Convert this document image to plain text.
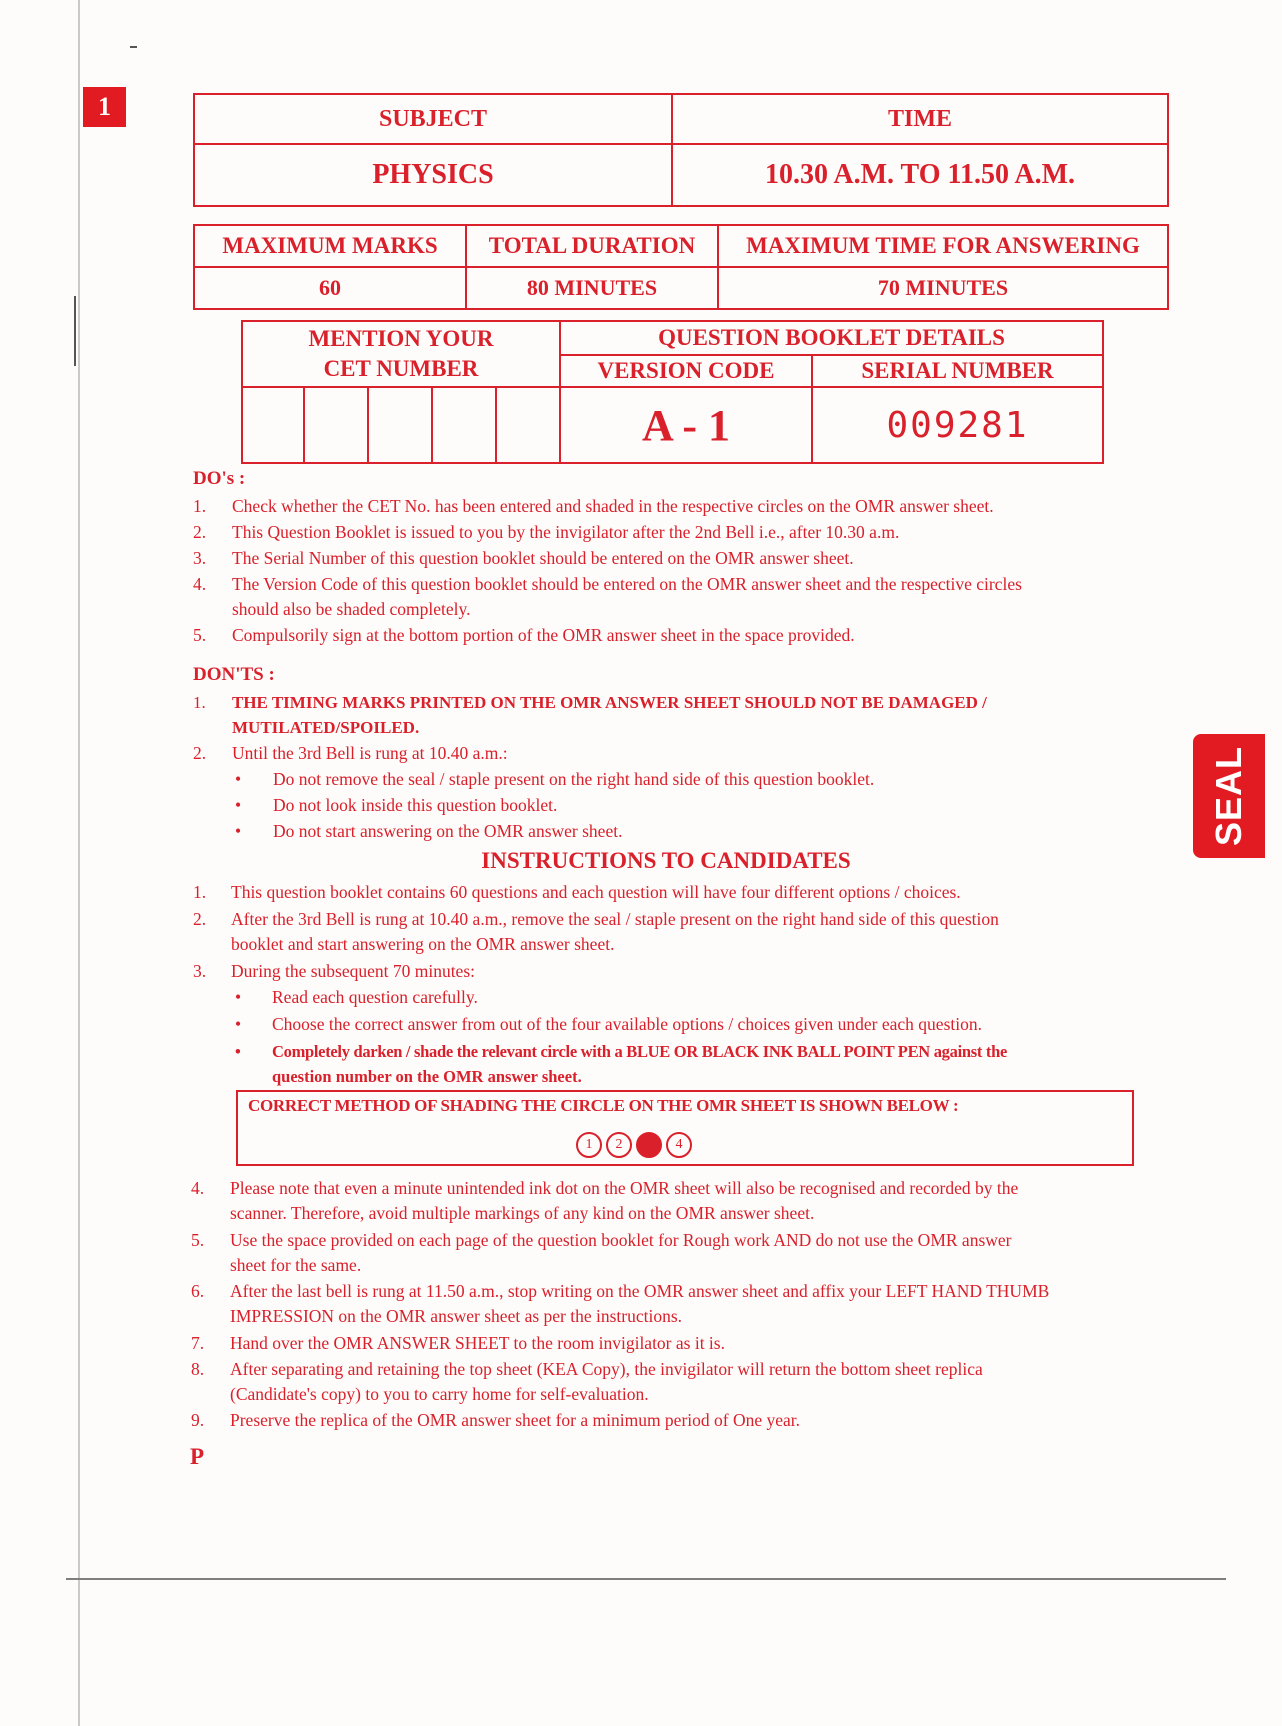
1	SUBJECT	TIME
PHYSICS	10.30 A.M. TO 11.50 A.M.
MAXIMUM MARKS	TOTAL DURATION	MAXIMUM TIME FOR ANSWERING
60	80 MINUTES	70 MINUTES
MENTION YOUR
CET NUMBER					QUESTION BOOKLET DETAILS	
					VERSION CODE	SERIAL NUMBER
					A - 1	009281
SEAL
DO's :
1.	Check whether the CET No. has been entered and shaded in the respective circles on the OMR answer sheet.
2.	This Question Booklet is issued to you by the invigilator after the 2nd Bell i.e., after 10.30 a.m.
3.	The Serial Number of this question booklet should be entered on the OMR answer sheet.
4.	The Version Code of this question booklet should be entered on the OMR answer sheet and the respective circles
should also be shaded completely.
5.	Compulsorily sign at the bottom portion of the OMR answer sheet in the space provided.
DON'TS :
1.	THE TIMING MARKS PRINTED ON THE OMR ANSWER SHEET SHOULD NOT BE DAMAGED /
MUTILATED/SPOILED.
2.	Until the 3rd Bell is rung at 10.40 a.m.:
• Do not remove the seal / staple present on the right hand side of this question booklet.
• Do not look inside this question booklet.
• Do not start answering on the OMR answer sheet.
INSTRUCTIONS TO CANDIDATES
1.	This question booklet contains 60 questions and each question will have four different options / choices.
2.	After the 3rd Bell is rung at 10.40 a.m., remove the seal / staple present on the right hand side of this question
booklet and start answering on the OMR answer sheet.
3.	During the subsequent 70 minutes:
• Read each question carefully.
• Choose the correct answer from out of the four available options / choices given under each question.
• Completely darken / shade the relevant circle with a BLUE OR BLACK INK BALL POINT PEN against the
question number on the OMR answer sheet.
CORRECT METHOD OF SHADING THE CIRCLE ON THE OMR SHEET IS SHOWN BELOW :
1 2	4
4.	Please note that even a minute unintended ink dot on the OMR sheet will also be recognised and recorded by the
scanner. Therefore, avoid multiple markings of any kind on the OMR answer sheet.
5.	Use the space provided on each page of the question booklet for Rough work AND do not use the OMR answer
sheet for the same.
6.	After the last bell is rung at 11.50 a.m., stop writing on the OMR answer sheet and affix your LEFT HAND THUMB
IMPRESSION on the OMR answer sheet as per the instructions.
7.	Hand over the OMR ANSWER SHEET to the room invigilator as it is.
8.	After separating and retaining the top sheet (KEA Copy), the invigilator will return the bottom sheet replica
(Candidate's copy) to you to carry home for self-evaluation.
9.	Preserve the replica of the OMR answer sheet for a minimum period of One year.
P
